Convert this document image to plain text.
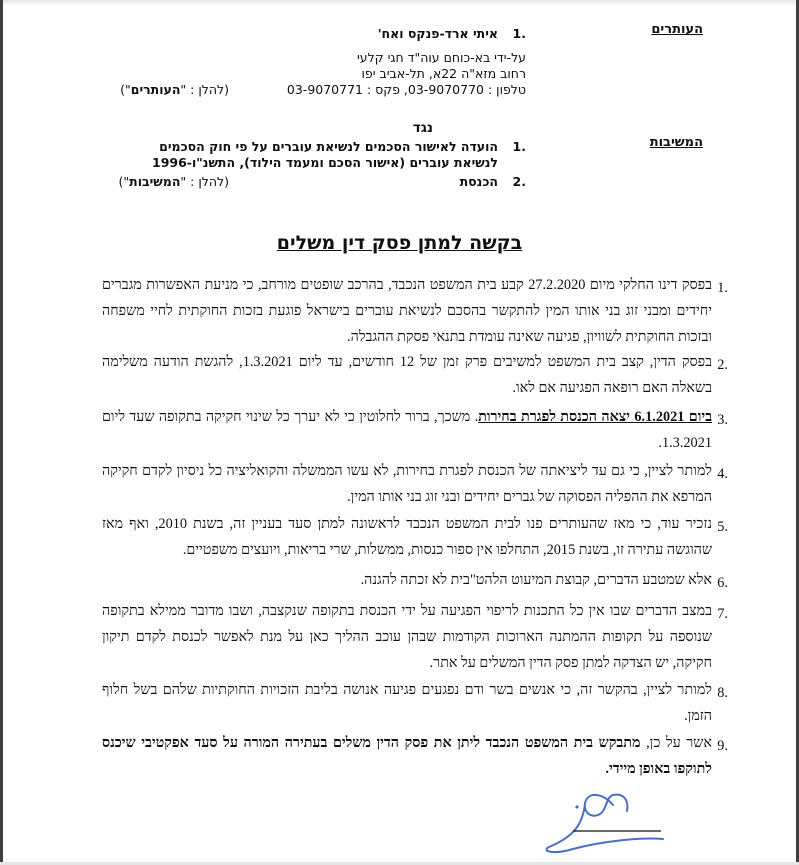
העותרים
1.
איתי ארד-פנקס ואח'
על-ידי בא-כוחם עוה"ד חגי קלעי
רחוב מזא"ה 22א, תל-אביב יפו
טלפון : 03-9070770, פקס : 03-9070771
(להלן : "העותרים")
נגד
המשיבות
1.
הועדה לאישור הסכמים לנשיאת עוברים על פי חוק הסכמים
לנשיאת עוברים (אישור הסכם ומעמד הילוד), התשנ"ו-1996
2.
הכנסת
(להלן : "המשיבות")
בקשה למתן פסק דין משלים
1.
בפסק דינו החלקי מיום 27.2.2020 קבע בית המשפט הנכבד, בהרכב שופטים מורחב, כי מניעת האפשרות מגברים יחידים ומבני זוג בני אותו המין להתקשר בהסכם לנשיאת עוברים בישראל פוגעת בזכות החוקתית לחיי משפחה ובזכות החוקתית לשוויון, פגיעה שאינה עומדת בתנאי פסקת ההגבלה.
2.
בפסק הדין, קצב בית המשפט למשיבים פרק זמן של 12 חודשים, עד ליום 1.3.2021, להגשת הודעה משלימה בשאלה האם רופאה הפגיעה אם לאו.
3.
ביום 6.1.2021 יצאה הכנסת לפגרת בחירות. משכך, ברור לחלוטין כי לא יערך כל שינוי חקיקה בתקופה שעד ליום 1.3.2021.
4.
למותר לציין, כי גם עד ליציאתה של הכנסת לפגרת בחירות, לא עשו הממשלה והקואליציה כל ניסיון לקדם חקיקה המרפא את ההפליה הפסוקה של גברים יחידים ובני זוג בני אותו המין.
5.
נזכיר עוד, כי מאז שהעותרים פנו לבית המשפט הנכבד לראשונה למתן סעד בעניין זה, בשנת 2010, ואף מאז שהוגשה עתירה זו, בשנת 2015, התחלפו אין ספור כנסות, ממשלות, שרי בריאות, ויועצים משפטיים.
6.
אלא שמטבע הדברים, קבוצת המיעוט הלהט"בית לא זכתה להגנה.
7.
במצב הדברים שבו אין כל התכנות לריפוי הפגיעה על ידי הכנסת בתקופה שנקצבה, ושבו מדובר ממילא בתקופה שנוספה על תקופות ההמתנה הארוכות הקודמות שבהן עוכב ההליך כאן על מנת לאפשר לכנסת לקדם תיקון חקיקה, יש הצדקה למתן פסק הדין המשלים על אתר.
8.
למותר לציין, בהקשר זה, כי אנשים בשר ודם נפגעים פגיעה אנושה בליבת הזכויות החוקתיות שלהם בשל חלוף הזמן.
9.
אשר על כן, מתבקש בית המשפט הנכבד ליתן את פסק הדין משלים בעתירה המורה על סעד אפקטיבי שיכנס לתוקפו באופן מיידי.
